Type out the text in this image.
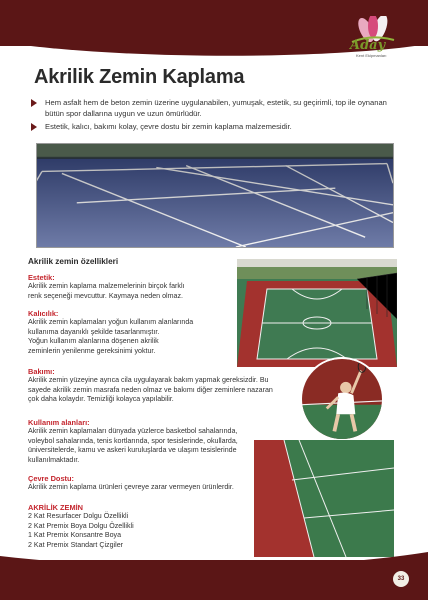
Aday
Kent Ekipmanları
Akrilik Zemin Kaplama
Hem asfalt hem de beton zemin üzerine uygulanabilen, yumuşak, estetik, su geçirimli, top ile oynanan bütün spor dallarına uygun ve uzun ömürlüdür.
Estetik, kalıcı, bakımı kolay, çevre dostu bir zemin kaplama malzemesidir.
Akrilik zemin özellikleri
Estetik:
Akrilik zemin kaplama malzemelerinin birçok farklı
renk seçeneği mevcuttur. Kaymaya neden olmaz.
Kalıcılık:
Akrilik zemin kaplamaları yoğun kullanım alanlarında
kullanıma dayanıklı şekilde tasarlanmıştır.
Yoğun kullanım alanlarına döşenen akrilik
zeminlerin yenilenme gereksinimi yoktur.
Bakımı:
Akrilik zemin yüzeyine ayrıca cila uygulayarak bakım yapmak gereksizdir. Bu
sayede akrilik zemin masrafa neden olmaz ve bakımı diğer zeminlere nazaran
çok daha kolaydır. Temizliği kolayca yapılabilir.
Kullanım alanları:
Akrilik zemin kaplamaları dünyada yüzlerce basketbol sahalarında,
voleybol sahalarında, tenis kortlarında, spor tesislerinde, okullarda,
üniversitelerde, kamu ve askeri kuruluşlarda ve ulaşım tesislerinde
kullanılmaktadır.
Çevre Dostu:
Akrilik zemin kaplama ürünleri çevreye zarar vermeyen ürünlerdir.
AKRİLİK ZEMİN
2 Kat Resurfacer Dolgu Özellikli
2 Kat Premix Boya Dolgu Özellikli
1 Kat Premix Konsantre Boya
2 Kat Premix Standart Çizgiler
33
